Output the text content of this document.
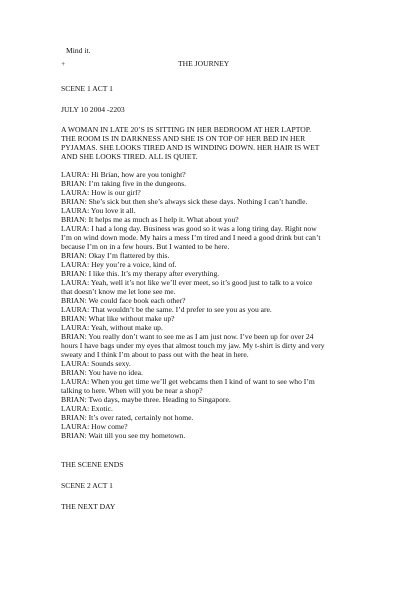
Mind it.
+	THE JOURNEY
SCENE 1 ACT 1
JULY 10 2004 -2203
A WOMAN IN LATE 20’S IS SITTING IN HER BEDROOM AT HER LAPTOP.
THE ROOM IS IN DARKNESS AND SHE IS ON TOP OF HER BED IN HER
PYJAMAS. SHE LOOKS TIRED AND IS WINDING DOWN. HER HAIR IS WET
AND SHE LOOKS TIRED. ALL IS QUIET.
LAURA: Hi Brian, how are you tonight?
BRIAN: I’m taking five in the dungeons.
LAURA: How is our girl?
BRIAN: She’s sick but then she’s always sick these days. Nothing I can’t handle.
LAURA: You love it all.
BRIAN: It helps me as much as I help it. What about you?
LAURA: I had a long day. Business was good so it was a long tiring day. Right now
I’m on wind down mode. My hairs a mess I’m tired and I need a good drink but can’t
because I’m on in a few hours. But I wanted to be here.
BRIAN: Okay I’m flattered by this.
LAURA: Hey you’re a voice, kind of.
BRIAN: I like this. It’s my therapy after everything.
LAURA: Yeah, well it’s not like we’ll ever meet, so it’s good just to talk to a voice
that doesn’t know me let lone see me.
BRIAN: We could face book each other?
LAURA: That wouldn’t be the same. I’d prefer to see you as you are.
BRIAN: What like without make up?
LAURA: Yeah, without make up.
BRIAN: You really don’t want to see me as I am just now. I’ve been up for over 24
hours I have bags under my eyes that almost touch my jaw. My t-shirt is dirty and very
sweaty and I think I’m about to pass out with the heat in here.
LAURA: Sounds sexy.
BRIAN: You have no idea.
LAURA: When you get time we’ll get webcams then I kind of want to see who I’m
talking to here. When will you be near a shop?
BRIAN: Two days, maybe three. Heading to Singapore.
LAURA: Exotic.
BRIAN: It’s over rated, certainly not home.
LAURA: How come?
BRIAN: Wait till you see my hometown.
THE SCENE ENDS
SCENE 2 ACT 1
THE NEXT DAY
